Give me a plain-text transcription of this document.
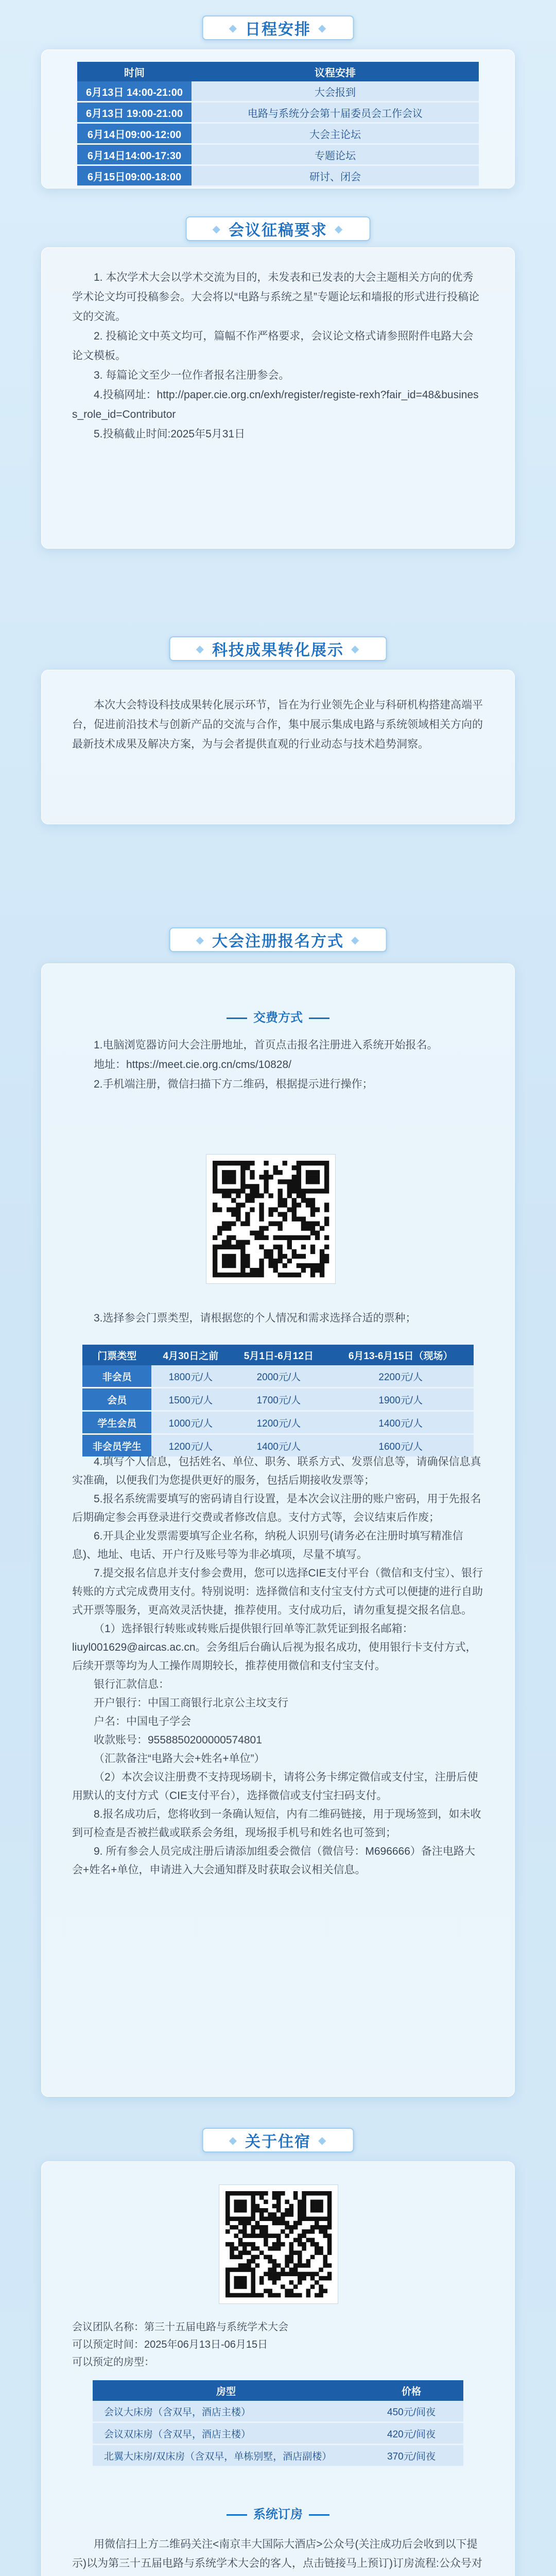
◆ 日程安排 ◆
时间	议程安排
6月13日 14:00-21:00	大会报到
6月13日 19:00-21:00	电路与系统分会第十届委员会工作会议
6月14日09:00-12:00	大会主论坛
6月14日14:00-17:30	专题论坛
6月15日09:00-18:00	研讨、闭会
◆ 会议征稿要求 ◆

1. 本次学术大会以学术交流为目的，未发表和已发表的大会主题相关方向的优秀学术论文均可投稿参会。大会将以“电路与系统之星”专题论坛和墙报的形式进行投稿论文的交流。

2. 投稿论文中英文均可，篇幅不作严格要求，会议论文格式请参照附件电路大会论文模板。

3. 每篇论文至少一位作者报名注册参会。

4.投稿网址：http://paper.cie.org.cn/exh/register/registe-rexh?fair_id=48&business_role_id=Contributor

5.投稿截止时间:2025年5月31日

◆ 科技成果转化展示 ◆

本次大会特设科技成果转化展示环节，旨在为行业领先企业与科研机构搭建高端平台，促进前沿技术与创新产品的交流与合作，集中展示集成电路与系统领域相关方向的最新技术成果及解决方案，为与会者提供直观的行业动态与技术趋势洞察。

◆ 大会注册报名方式 ◆
交费方式

1.电脑浏览器访问大会注册地址，首页点击报名注册进入系统开始报名。

地址：https://meet.cie.org.cn/cms/10828/

2.手机端注册，微信扫描下方二维码，根据提示进行操作；

3.选择参会门票类型，请根据您的个人情况和需求选择合适的票种；

门票类型	4月30日之前	5月1日-6月12日	6月13-6月15日（现场）
非会员	1800元/人	2000元/人	2200元/人
会员	1500元/人	1700元/人	1900元/人
学生会员	1000元/人	1200元/人	1400元/人
非会员学生	1200元/人	1400元/人	1600元/人

4.填写个人信息，包括姓名、单位、职务、联系方式、发票信息等，请确保信息真实准确，以便我们为您提供更好的服务，包括后期接收发票等；

5.报名系统需要填写的密码请自行设置，是本次会议注册的账户密码，用于先报名后期确定参会再登录进行交费或者修改信息。支付方式等，会议结束后作废；

6.开具企业发票需要填写企业名称，纳税人识别号(请务必在注册时填写精准信息)、地址、电话、开户行及账号等为非必填项，尽量不填写。

7.提交报名信息并支付参会费用，您可以选择CIE支付平台（微信和支付宝）、银行转账的方式完成费用支付。特别说明：选择微信和支付宝支付方式可以便捷的进行自助式开票等服务，更高效灵活快捷，推荐使用。支付成功后，请勿重复提交报名信息。

（1）选择银行转账或转账后提供银行回单等汇款凭证到报名邮箱：liuyl001629@aircas.ac.cn。会务组后台确认后视为报名成功，使用银行卡支付方式，后续开票等均为人工操作周期较长，推荐使用微信和支付宝支付。

银行汇款信息：

开户银行：中国工商银行北京公主坟支行

户名：中国电子学会

收款账号：9558850200000574801

（汇款备注“电路大会+姓名+单位”）

（2）本次会议注册费不支持现场刷卡，请将公务卡绑定微信或支付宝，注册后使用默认的支付方式（CIE支付平台），选择微信或支付宝扫码支付。

8.报名成功后，您将收到一条确认短信，内有二维码链接，用于现场签到，如未收到可检查是否被拦截或联系会务组，现场报手机号和姓名也可签到；

9. 所有参会人员完成注册后请添加组委会微信（微信号：M696666）备注电路大会+姓名+单位，申请进入大会通知群及时获取会议相关信息。

◆ 关于住宿 ◆

会议团队名称：第三十五届电路与系统学术大会

可以预定时间：2025年06月13日-06月15日

可以预定的房型：

房型	价格
会议大床房（含双早，酒店主楼）	450元/间夜
会议双床房（含双早，酒店主楼）	420元/间夜
北翼大床房/双床房（含双早，单栋别墅，酒店副楼）	370元/间夜
系统订房

用微信扫上方二维码关注<南京丰大国际大酒店>公众号(关注成功后会收到以下提示)以为第三十五届电路与系统学术大会的客人，点击链接马上预订)订房流程:公众号对
